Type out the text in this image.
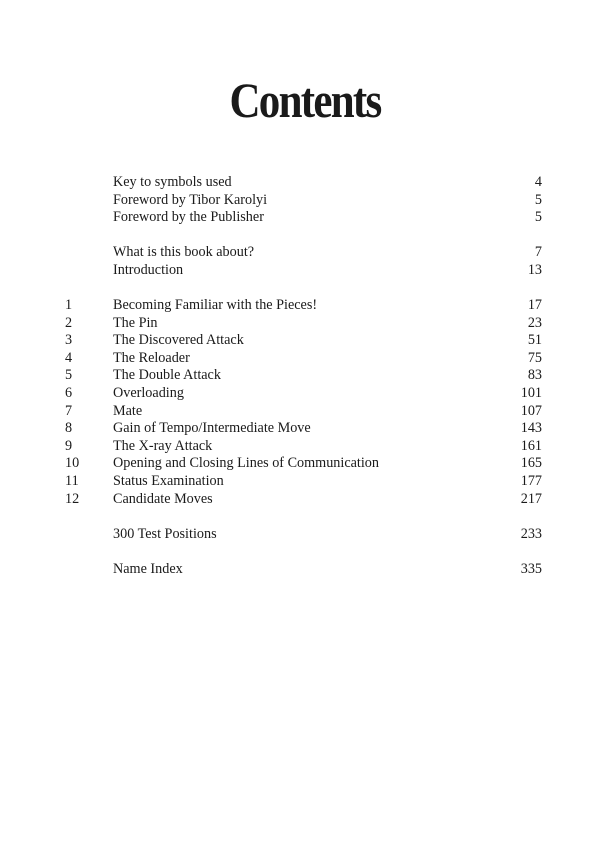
Contents
Key to symbols used	4
Foreword by Tibor Karolyi	5
Foreword by the Publisher	5
What is this book about?	7
Introduction	13
1	Becoming Familiar with the Pieces!	17
2	The Pin	23
3	The Discovered Attack	51
4	The Reloader	75
5	The Double Attack	83
6	Overloading	101
7	Mate	107
8	Gain of Tempo/Intermediate Move	143
9	The X-ray Attack	161
10	Opening and Closing Lines of Communication	165
11	Status Examination	177
12	Candidate Moves	217
300 Test Positions	233
Name Index	335
